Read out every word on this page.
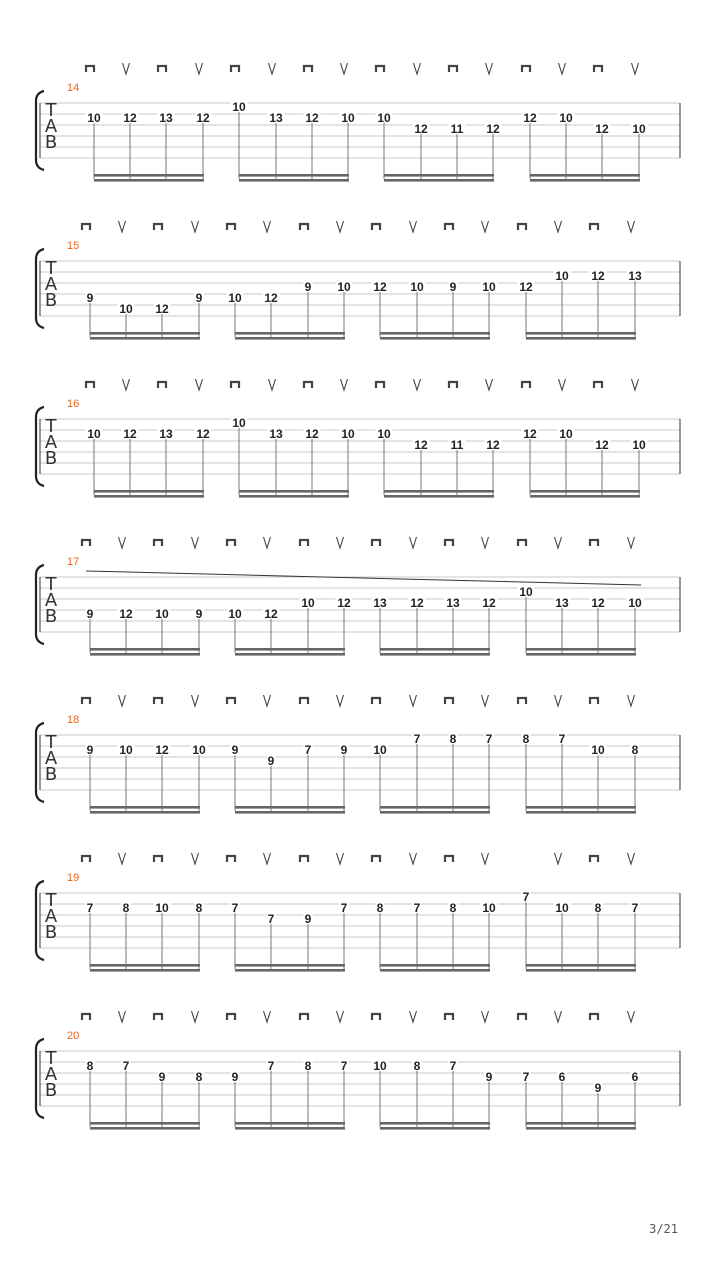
T
A
B
14
10 12 13 12
10
13 12 10 10
12 11 12
12 10
12 10
T
A
B
15
9
10 12
9 10 12
9 10 12 10 9 10 12
10 12 13
T
A
B
16
10 12 13 12
10
13 12 10 10
12 11 12
12 10
12 10
T
A
B
17
9 12 10 9 10 12
10 12 13 12 13 12
10
13 12 10
T
A
B
18
9 10 12 10 9
9
7 9 10
7 8 7	8 7
10 8
T
A
B
19
7 8 10 8 7
7	9
7 8	7 8 10
7
10 8	7
T
A
B
20
8 7
9	8 9
7	8 7 10 8 7
9	7 6
9
6
3/21
